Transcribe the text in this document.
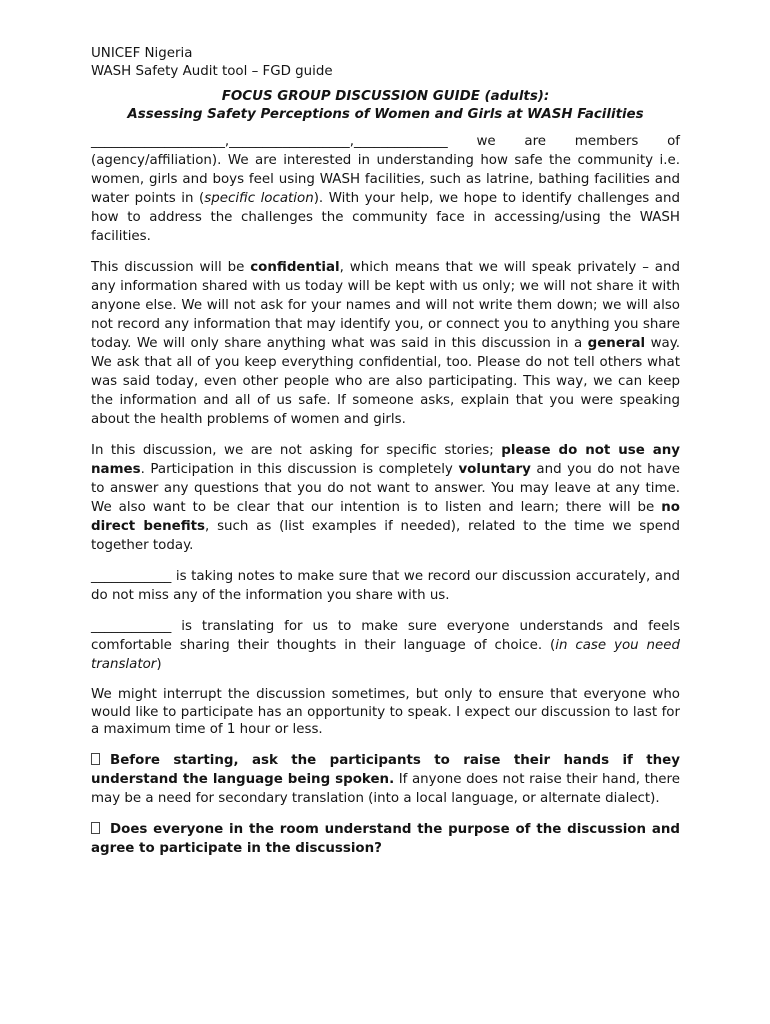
UNICEF Nigeria
WASH Safety Audit tool – FGD guide
FOCUS GROUP DISCUSSION GUIDE (adults):
Assessing Safety Perceptions of Women and Girls at WASH Facilities

____________________,__________________,______________ we are members of (agency/affiliation). We are interested in understanding how safe the community i.e. women, girls and boys feel using WASH facilities, such as latrine, bathing facilities and water points in (specific location). With your help, we hope to identify challenges and how to address the challenges the community face in accessing/using the WASH facilities.

This discussion will be confidential, which means that we will speak privately – and any information shared with us today will be kept with us only; we will not share it with anyone else. We will not ask for your names and will not write them down; we will also not record any information that may identify you, or connect you to anything you share today. We will only share anything what was said in this discussion in a general way. We ask that all of you keep everything confidential, too. Please do not tell others what was said today, even other people who are also participating. This way, we can keep the information and all of us safe. If someone asks, explain that you were speaking about the health problems of women and girls.

In this discussion, we are not asking for specific stories; please do not use any names. Participation in this discussion is completely voluntary and you do not have to answer any questions that you do not want to answer. You may leave at any time. We also want to be clear that our intention is to listen and learn; there will be no direct benefits, such as (list examples if needed), related to the time we spend together today.

____________ is taking notes to make sure that we record our discussion accurately, and do not miss any of the information you share with us.

____________ is translating for us to make sure everyone understands and feels comfortable sharing their thoughts in their language of choice. (in case you need translator)

We might interrupt the discussion sometimes, but only to ensure that everyone who would like to participate has an opportunity to speak. I expect our discussion to last for a maximum time of 1 hour or less.

Before starting, ask the participants to raise their hands if they understand the language being spoken. If anyone does not raise their hand, there may be a need for secondary translation (into a local language, or alternate dialect).

Does everyone in the room understand the purpose of the discussion and agree to participate in the discussion?
